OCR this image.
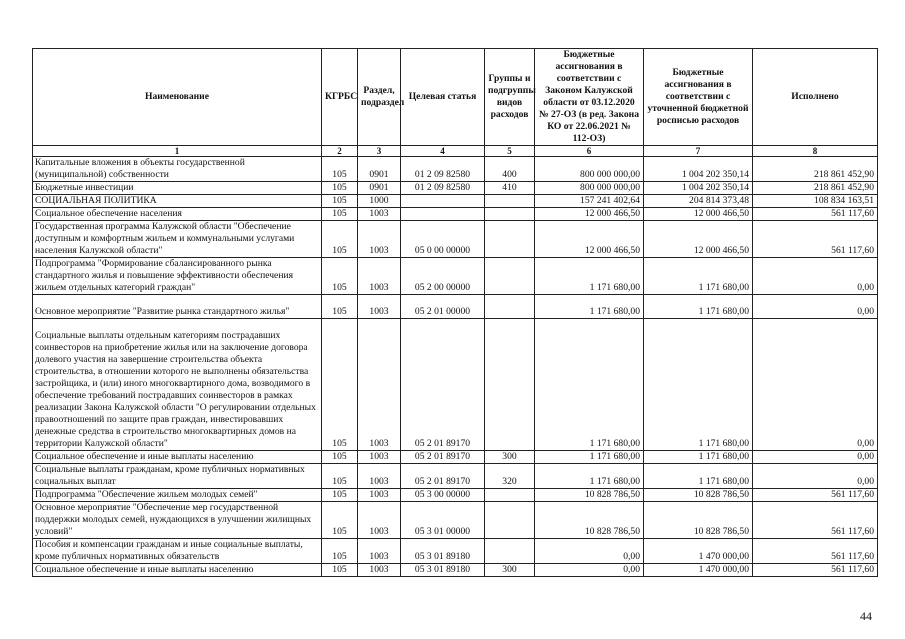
Наименование	КГРБС	Раздел, подраздел	Целевая статья	Группы и подгруппы видов расходов	Бюджетные ассигнования в соответствии с Законом Калужской области от 03.12.2020 № 27-ОЗ (в ред. Закона КО от 22.06.2021 № 112-ОЗ)	Бюджетные ассигнования в соответствии с уточненной бюджетной росписью расходов	Исполнено
1	2	3	4	5	6	7	8
Капитальные вложения в объекты государственной (муниципальной) собственности	105	0901	01 2 09 82580	400	800 000 000,00	1 004 202 350,14	218 861 452,90
Бюджетные инвестиции	105	0901	01 2 09 82580	410	800 000 000,00	1 004 202 350,14	218 861 452,90
СОЦИАЛЬНАЯ ПОЛИТИКА	105	1000			157 241 402,64	204 814 373,48	108 834 163,51
Социальное обеспечение населения	105	1003			12 000 466,50	12 000 466,50	561 117,60
Государственная программа Калужской области "Обеспечение доступным и комфортным жильем и коммунальными услугами населения Калужской области"	105	1003	05 0 00 00000		12 000 466,50	12 000 466,50	561 117,60
Подпрограмма "Формирование сбалансированного рынка стандартного жилья и повышение эффективности обеспечения жильем отдельных категорий граждан"	105	1003	05 2 00 00000		1 171 680,00	1 171 680,00	0,00
Основное мероприятие "Развитие рынка стандартного жилья"	105	1003	05 2 01 00000		1 171 680,00	1 171 680,00	0,00
Социальные выплаты отдельным категориям пострадавших соинвесторов на приобретение жилья или на заключение договора долевого участия на завершение строительства объекта строительства, в отношении которого не выполнены обязательства застройщика, и (или) иного многоквартирного дома, возводимого в обеспечение требований пострадавших соинвесторов в рамках реализации Закона Калужской области "О регулировании отдельных правоотношений по защите прав граждан, инвестировавших денежные средства в строительство многоквартирных домов на территории Калужской области"	105	1003	05 2 01 89170		1 171 680,00	1 171 680,00	0,00
Социальное обеспечение и иные выплаты населению	105	1003	05 2 01 89170	300	1 171 680,00	1 171 680,00	0,00
Социальные выплаты гражданам, кроме публичных нормативных социальных выплат	105	1003	05 2 01 89170	320	1 171 680,00	1 171 680,00	0,00
Подпрограмма "Обеспечение жильем молодых семей"	105	1003	05 3 00 00000		10 828 786,50	10 828 786,50	561 117,60
Основное мероприятие "Обеспечение мер государственной поддержки молодых семей, нуждающихся в улучшении жилищных условий"	105	1003	05 3 01 00000		10 828 786,50	10 828 786,50	561 117,60
Пособия и компенсации гражданам и иные социальные выплаты, кроме публичных нормативных обязательств	105	1003	05 3 01 89180		0,00	1 470 000,00	561 117,60
Социальное обеспечение и иные выплаты населению	105	1003	05 3 01 89180	300	0,00	1 470 000,00	561 117,60
44
